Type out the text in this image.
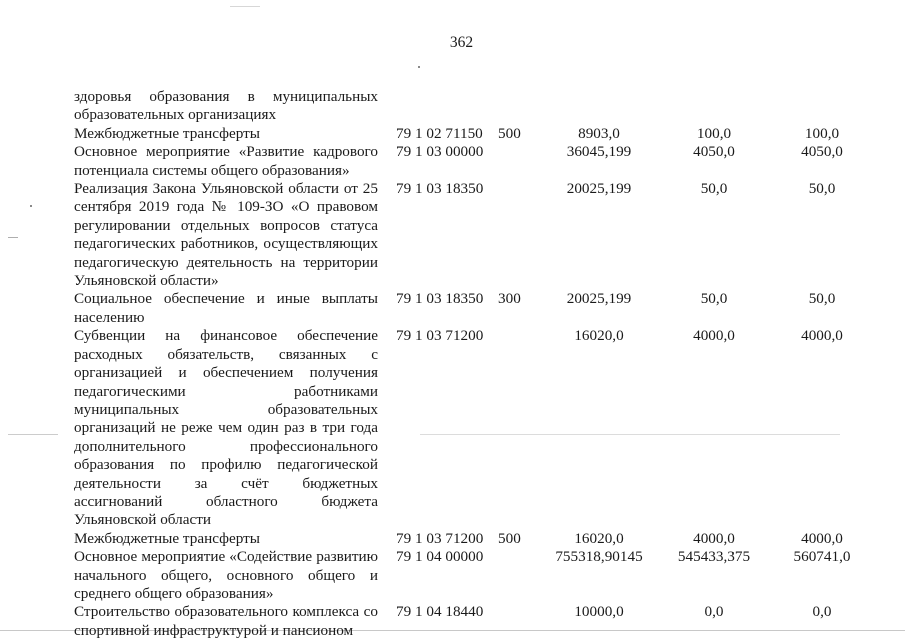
362
здоровья образования в муниципальных образовательных организациях					
Межбюджетные трансферты	79 1 02 71150	500	8903,0	100,0	100,0
Основное мероприятие «Развитие кадрового потенциала системы общего образования»	79 1 03 00000		36045,199	4050,0	4050,0
Реализация Закона Ульяновской области от 25 сентября 2019 года № 109-ЗО «О правовом регулировании отдельных вопросов статуса педагогических работников, осуществляющих педагогическую деятельность на территории Ульяновской области»	79 1 03 18350		20025,199	50,0	50,0
Социальное обеспечение и иные выплаты населению	79 1 03 18350	300	20025,199	50,0	50,0
Субвенции на финансовое обеспечение расходных обязательств, связанных с организацией и обеспечением получения педагогическими работниками муниципальных образовательных организаций не реже чем один раз в три года дополнительного профессионального образования по профилю педагогической деятельности за счёт бюджетных ассигнований областного бюджета Ульяновской области	79 1 03 71200		16020,0	4000,0	4000,0
Межбюджетные трансферты	79 1 03 71200	500	16020,0	4000,0	4000,0
Основное мероприятие «Содействие развитию начального общего, основного общего и среднего общего образования»	79 1 04 00000		755318,90145	545433,375	560741,0
Строительство образовательного комплекса со спортивной инфраструктурой и пансионом	79 1 04 18440		10000,0	0,0	0,0
